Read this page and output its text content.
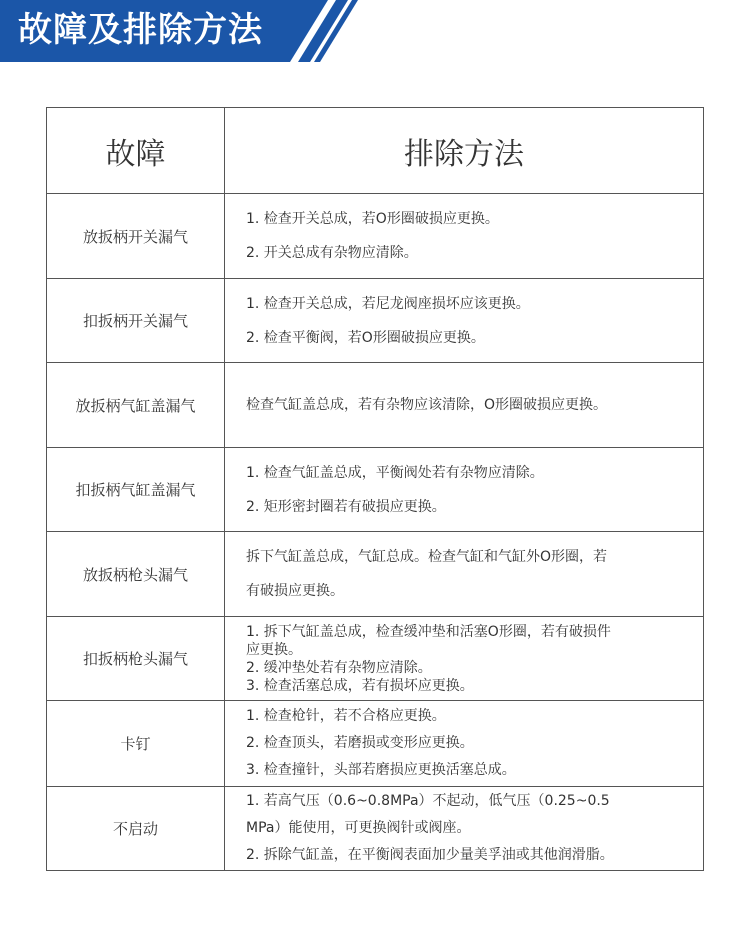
故障及排除方法
故障	排除方法
放扳柄开关漏气	1. 检查开关总成，若O形圈破损应更换。
2. 开关总成有杂物应清除。

扣扳柄开关漏气	1. 检查开关总成，若尼龙阀座损坏应该更换。
2. 检查平衡阀，若O形圈破损应更换。

放扳柄气缸盖漏气	检查气缸盖总成，若有杂物应该清除，O形圈破损应更换。

扣扳柄气缸盖漏气	1. 检查气缸盖总成，平衡阀处若有杂物应清除。
2. 矩形密封圈若有破损应更换。

放扳柄枪头漏气	拆下气缸盖总成，气缸总成。检查气缸和气缸外O形圈，若
有破损应更换。

扣扳柄枪头漏气	1. 拆下气缸盖总成，检查缓冲垫和活塞O形圈，若有破损件
应更换。
2. 缓冲垫处若有杂物应清除。
3. 检查活塞总成，若有损坏应更换。

卡钉	1. 检查枪针，若不合格应更换。
2. 检查顶头，若磨损或变形应更换。
3. 检查撞针，头部若磨损应更换活塞总成。

不启动	1. 若高气压（0.6~0.8MPa）不起动，低气压（0.25~0.5
MPa）能使用，可更换阀针或阀座。
2. 拆除气缸盖，在平衡阀表面加少量美孚油或其他润滑脂。
